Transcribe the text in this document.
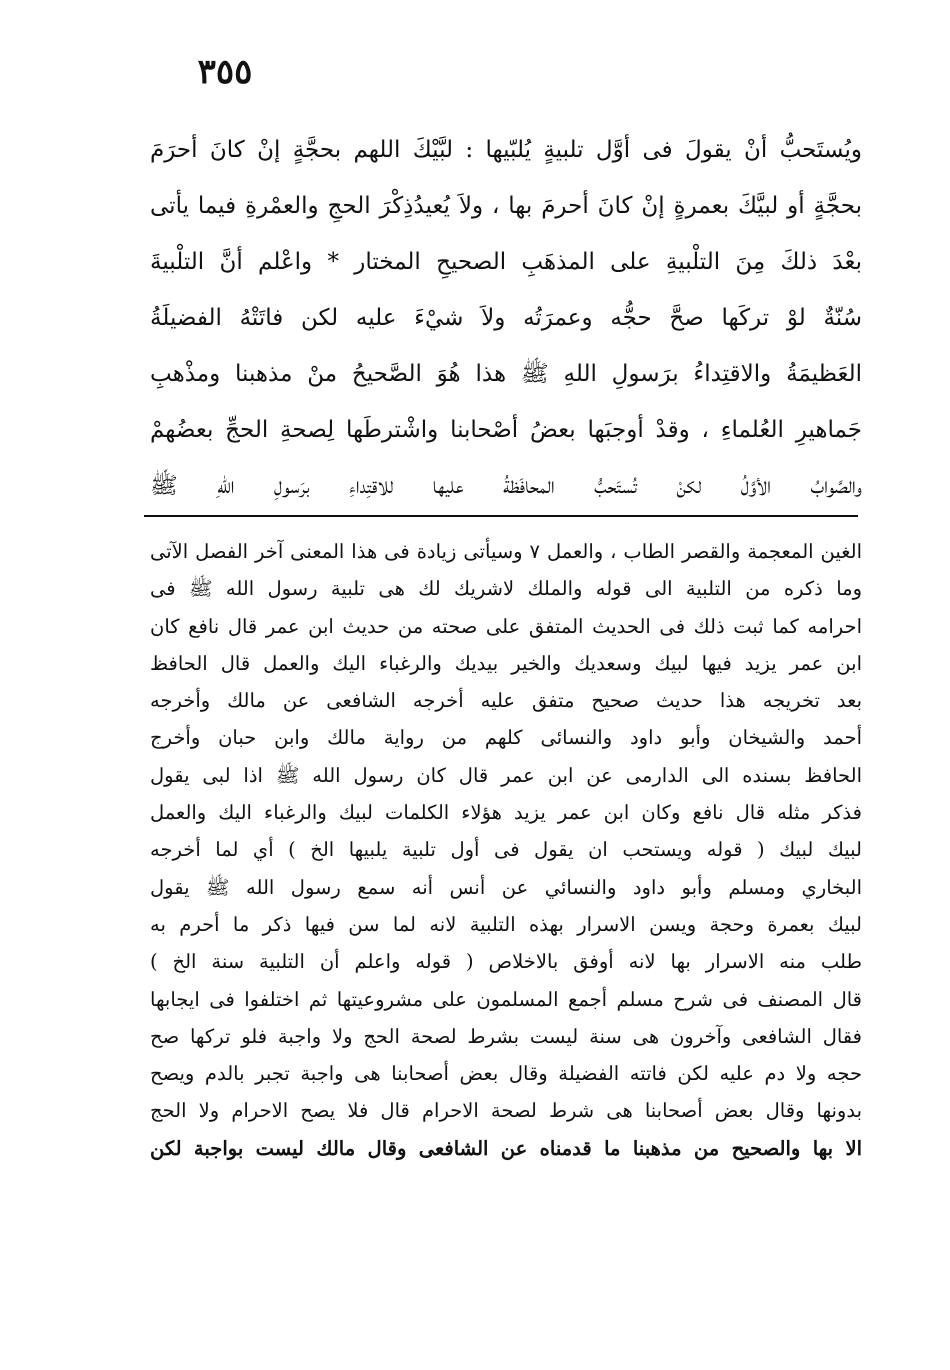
٣٥٥
ويُستَحبُّ أنْ يقولَ فى أوَّل تلبيةٍ يُلبّيها : لبَّيْكَ اللهم بحجَّةٍ إنْ كانَ أحرَمَ
بحجَّةٍ أو لبيَّكَ بعمرةٍ إنْ كانَ أحرمَ بها ، ولاَ يُعيدُذِكْرَ الحجِ والعمْرةِ فيما يأتى
بعْدَ ذلكَ مِنَ التلْبيةِ على المذهَبِ الصحيحِ المختار * واعْلم أنَّ التلْبيةَ
سُنّةٌ لوْ تركَها صحَّ حجُّه وعمرَتُه ولاَ شيْءَ عليه لكن فاتَتْهُ الفضيلَةُ
العَظيمَةُ والاقتِداءُ برَسولِ اللهِ ﷺ هذا هُوَ الصَّحيحُ منْ مذهبنا ومذْهبِ
جَماهيرِ العُلماءِ ، وقدْ أوجبَها بعضُ أصْحابنا واشْترطَها لِصحةِ الحجِّ بعضُهمْ
والصَّوابُ الأوَّلُ لكنْ تُستَحبُّ المحافَظةُ عليها للاقتِداءِ برَسولِ اللهِ ﷺ
الغين المعجمة والقصر الطاب ، والعمل ٧ وسيأتى زيادة فى هذا المعنى آخر الفصل الآتى
وما ذكره من التلبية الى قوله والملك لاشريك لك هى تلبية رسول الله ﷺ فى
احرامه كما ثبت ذلك فى الحديث المتفق على صحته من حديث ابن عمر قال نافع كان
ابن عمر يزيد فيها لبيك وسعديك والخير بيديك والرغباء اليك والعمل قال الحافظ
بعد تخريجه هذا حديث صحيح متفق عليه أخرجه الشافعى عن مالك وأخرجه
أحمد والشيخان وأبو داود والنسائى كلهم من رواية مالك وابن حبان وأخرج
الحافظ بسنده الى الدارمى عن ابن عمر قال كان رسول الله ﷺ اذا لبى يقول
فذكر مثله قال نافع وكان ابن عمر يزيد هؤلاء الكلمات لبيك والرغباء اليك والعمل
لبيك لبيك ( قوله ويستحب ان يقول فى أول تلبية يلبيها الخ ) أي لما أخرجه
البخاري ومسلم وأبو داود والنسائي عن أنس أنه سمع رسول الله ﷺ يقول
لبيك بعمرة وحجة ويسن الاسرار بهذه التلبية لانه لما سن فيها ذكر ما أحرم به
طلب منه الاسرار بها لانه أوفق بالاخلاص ( قوله واعلم أن التلبية سنة الخ )
قال المصنف فى شرح مسلم أجمع المسلمون على مشروعيتها ثم اختلفوا فى ايجابها
فقال الشافعى وآخرون هى سنة ليست بشرط لصحة الحج ولا واجبة فلو تركها صح
حجه ولا دم عليه لكن فاتته الفضيلة وقال بعض أصحابنا هى واجبة تجبر بالدم ويصح
بدونها وقال بعض أصحابنا هى شرط لصحة الاحرام قال فلا يصح الاحرام ولا الحج
الا بها والصحيح من مذهبنا ما قدمناه عن الشافعى وقال مالك ليست بواجبة لكن
